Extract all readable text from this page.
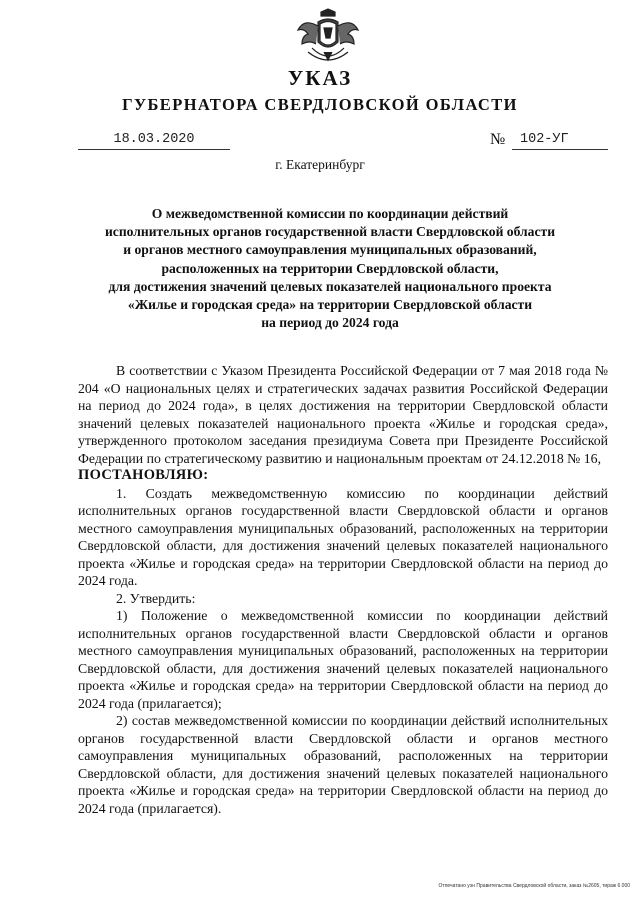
УКАЗ
ГУБЕРНАТОРА СВЕРДЛОВСКОЙ ОБЛАСТИ
18.03.2020	№	102-УГ
г. Екатеринбург
О межведомственной комиссии по координации действий
исполнительных органов государственной власти Свердловской области
и органов местного самоуправления муниципальных образований,
расположенных на территории Свердловской области,
для достижения значений целевых показателей национального проекта
«Жилье и городская среда» на территории Свердловской области
на период до 2024 года

В соответствии с Указом Президента Российской Федерации от 7 мая 2018 года № 204 «О национальных целях и стратегических задачах развития Российской Федерации на период до 2024 года», в целях достижения на территории Свердловской области значений целевых показателей национального проекта «Жилье и городская среда», утвержденного протоколом заседания президиума Совета при Президенте Российской Федерации по стратегическому развитию и национальным проектам от 24.12.2018 № 16,

ПОСТАНОВЛЯЮ:

1. Создать межведомственную комиссию по координации действий исполнительных органов государственной власти Свердловской области и органов местного самоуправления муниципальных образований, расположенных на территории Свердловской области, для достижения значений целевых показателей национального проекта «Жилье и городская среда» на территории Свердловской области на период до 2024 года.

2. Утвердить:

1) Положение о межведомственной комиссии по координации действий исполнительных органов государственной власти Свердловской области и органов местного самоуправления муниципальных образований, расположенных на территории Свердловской области, для достижения значений целевых показателей национального проекта «Жилье и городская среда» на территории Свердловской области на период до 2024 года (прилагается);

2) состав межведомственной комиссии по координации действий исполнительных органов государственной власти Свердловской области и органов местного самоуправления муниципальных образований, расположенных на территории Свердловской области, для достижения значений целевых показателей национального проекта «Жилье и городская среда» на территории Свердловской области на период до 2024 года (прилагается).

Отпечатано уэн Правительства Свердловской области, заказ №2605, тираж 6 000
